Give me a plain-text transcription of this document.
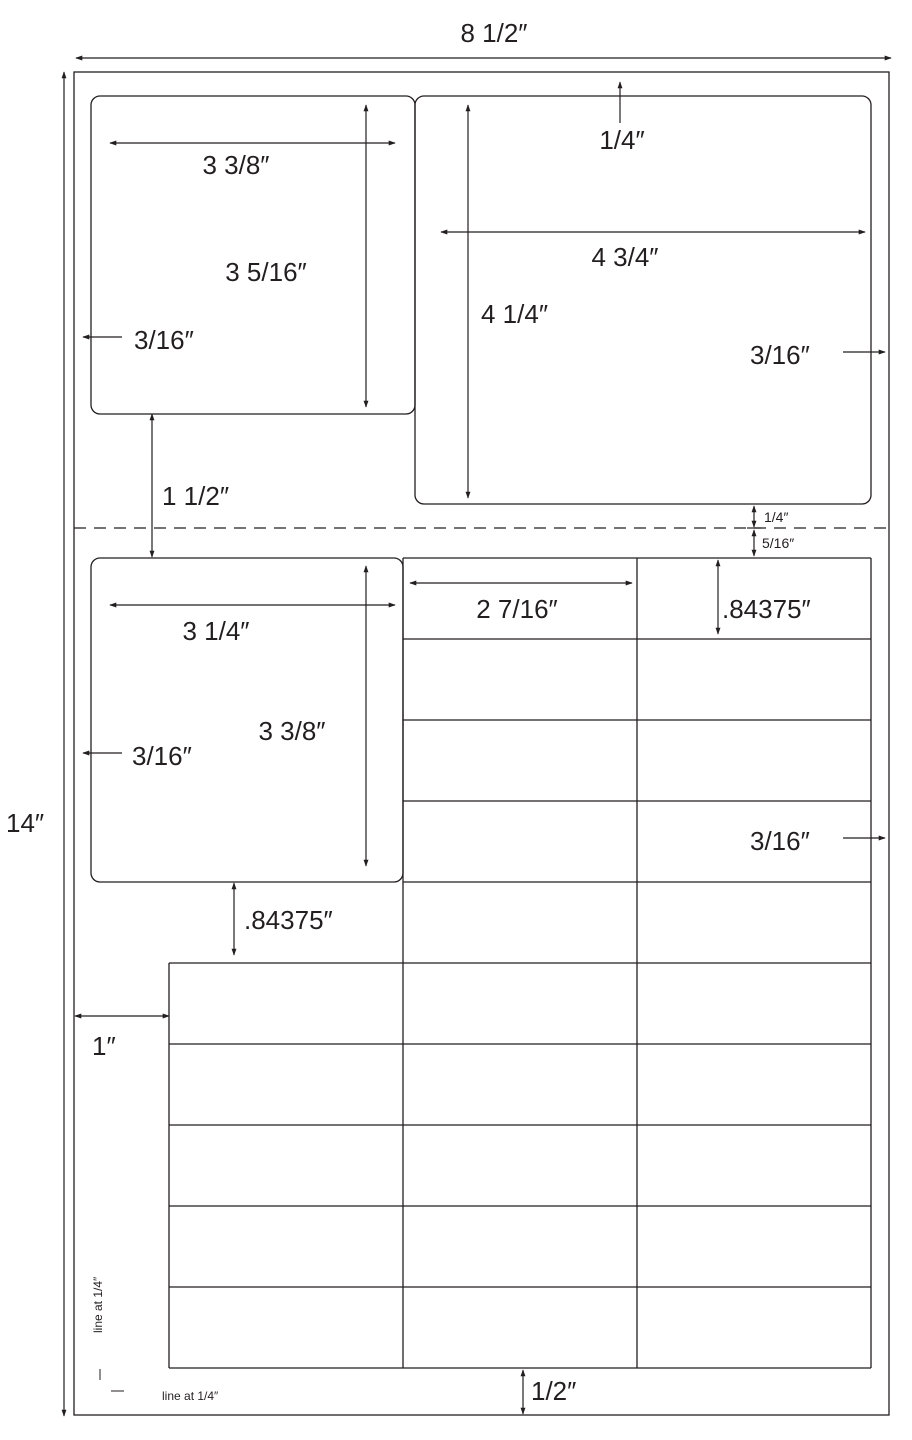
8 1/2″
14″
3 3/8″
3 5/16″
3/16″
1/4″
4 3/4″
4 1/4″
3/16″
1 1/2″
1/4″
5/16″
3 1/4″
3 3/8″
3/16″
2 7/16″	.84375″
3/16″
.84375″
1″
1/2″
line at 1/4″
line at 1/4″
